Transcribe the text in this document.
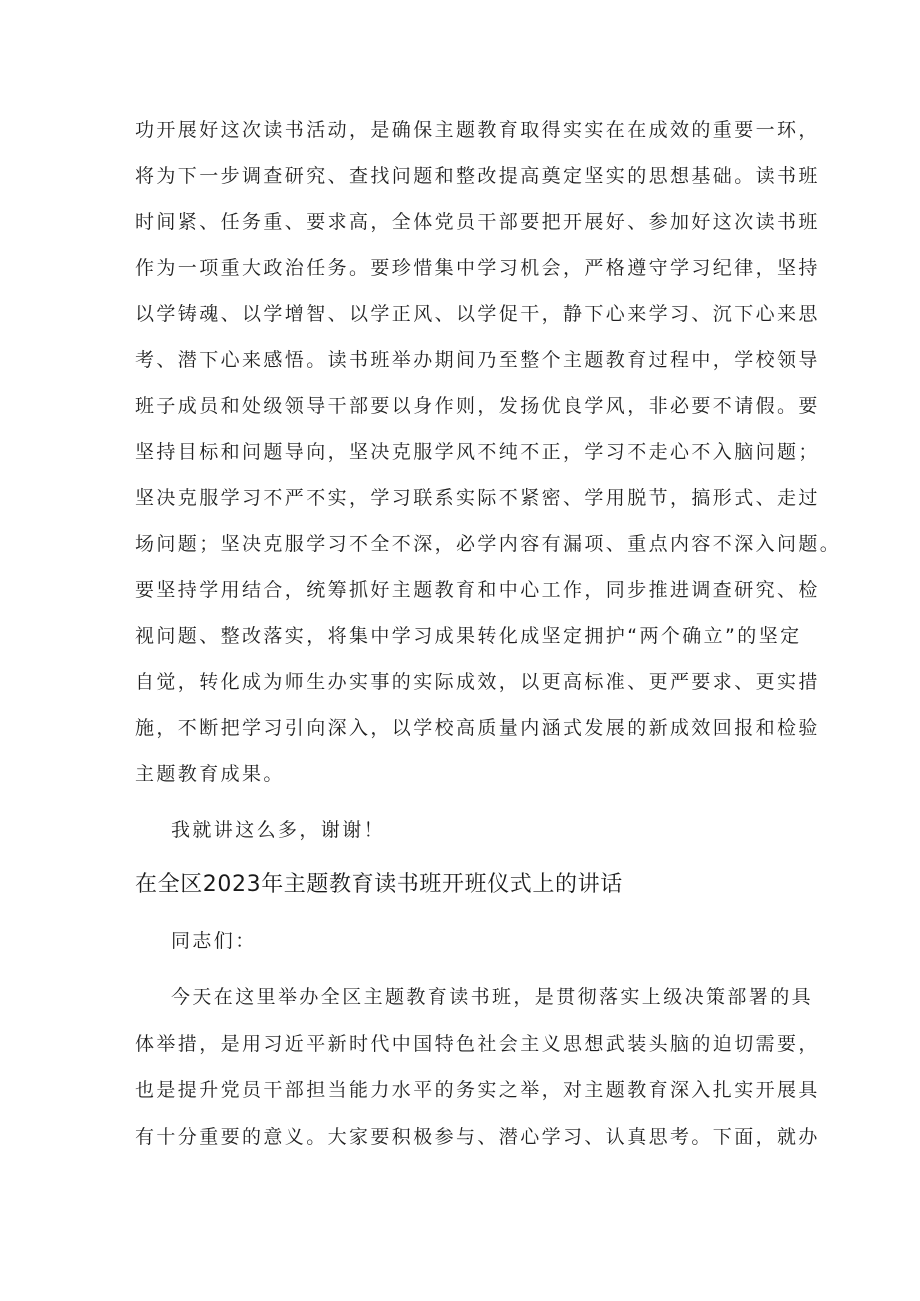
功开展好这次读书活动，是确保主题教育取得实实在在成效的重要一环，
将为下一步调查研究、查找问题和整改提高奠定坚实的思想基础。读书班
时间紧、任务重、要求高，全体党员干部要把开展好、参加好这次读书班
作为一项重大政治任务。要珍惜集中学习机会，严格遵守学习纪律，坚持
以学铸魂、以学增智、以学正风、以学促干，静下心来学习、沉下心来思
考、潜下心来感悟。读书班举办期间乃至整个主题教育过程中，学校领导
班子成员和处级领导干部要以身作则，发扬优良学风，非必要不请假。要
坚持目标和问题导向，坚决克服学风不纯不正，学习不走心不入脑问题；
坚决克服学习不严不实，学习联系实际不紧密、学用脱节，搞形式、走过
场问题；坚决克服学习不全不深，必学内容有漏项、重点内容不深入问题。
要坚持学用结合，统筹抓好主题教育和中心工作，同步推进调查研究、检
视问题、整改落实，将集中学习成果转化成坚定拥护“两个确立”的坚定
自觉，转化成为师生办实事的实际成效，以更高标准、更严要求、更实措
施，不断把学习引向深入，以学校高质量内涵式发展的新成效回报和检验
主题教育成果。
我就讲这么多，谢谢！
在全区2023年主题教育读书班开班仪式上的讲话
同志们：
今天在这里举办全区主题教育读书班，是贯彻落实上级决策部署的具
体举措，是用习近平新时代中国特色社会主义思想武装头脑的迫切需要，
也是提升党员干部担当能力水平的务实之举，对主题教育深入扎实开展具
有十分重要的意义。大家要积极参与、潜心学习、认真思考。下面，就办
